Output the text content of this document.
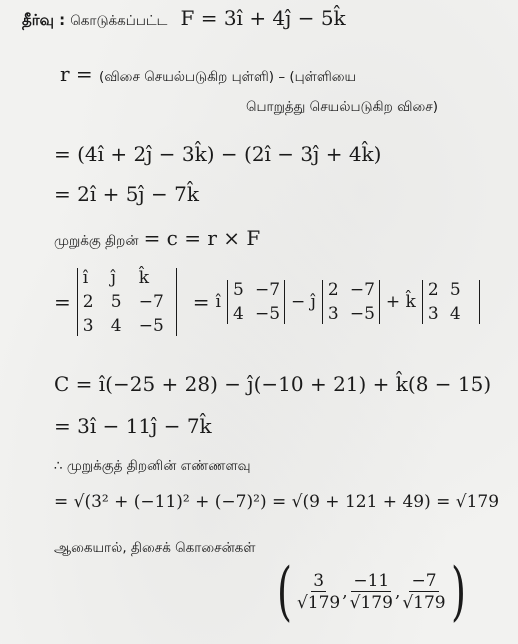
தீர்வு : கொடுக்கப்பட்ட F = 3î + 4ĵ − 5k̂
r = (விசை செயல்படுகிற புள்ளி) – (புள்ளியை
பொறுத்து செயல்படுகிற விசை)
= (4î + 2ĵ − 3k̂) − (2î − 3ĵ + 4k̂)
= 2î + 5ĵ − 7k̂
முறுக்கு திறன் = c = r × F
=
î	ĵ	k̂
2	5	−7
3	4	−5
= î
5 −7
4 −5
− ĵ
2 −7
3 −5
+ k̂
2 5
3 4
C = î(−25 + 28) − ĵ(−10 + 21) + k̂(8 − 15)
= 3î − 11ĵ − 7k̂
∴ முறுக்குத் திறனின் எண்ணளவு
= √(3² + (−11)² + (−7)²) = √(9 + 121 + 49) = √179
ஆகையால், திசைக் கொசைன்கள்
( $\frac{3}{√179}$ , $\frac{-11}{√179}$ , $\frac{-7}{√179}$ )
